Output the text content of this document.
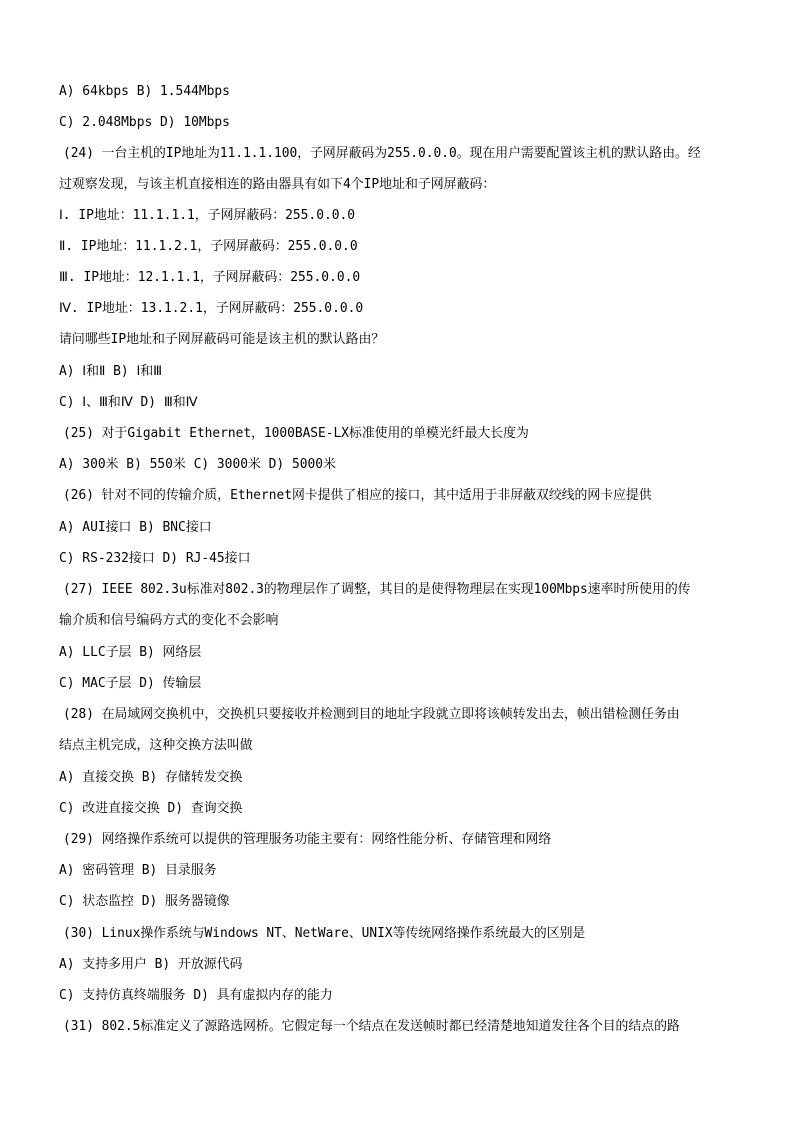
A) 64kbps B) 1.544Mbps
C) 2.048Mbps D) 10Mbps
(24) 一台主机的IP地址为11.1.1.100，子网屏蔽码为255.0.0.0。现在用户需要配置该主机的默认路由。经
过观察发现，与该主机直接相连的路由器具有如下4个IP地址和子网屏蔽码：
Ⅰ. IP地址：11.1.1.1，子网屏蔽码：255.0.0.0
Ⅱ. IP地址：11.1.2.1，子网屏蔽码：255.0.0.0
Ⅲ. IP地址：12.1.1.1，子网屏蔽码：255.0.0.0
Ⅳ. IP地址：13.1.2.1，子网屏蔽码：255.0.0.0
请问哪些IP地址和子网屏蔽码可能是该主机的默认路由？
A) Ⅰ和Ⅱ B) Ⅰ和Ⅲ
C) Ⅰ、Ⅲ和Ⅳ D) Ⅲ和Ⅳ
(25) 对于Gigabit Ethernet，1000BASE-LX标准使用的单模光纤最大长度为
A) 300米 B) 550米 C) 3000米 D) 5000米
(26) 针对不同的传输介质，Ethernet网卡提供了相应的接口，其中适用于非屏蔽双绞线的网卡应提供
A) AUI接口 B) BNC接口
C) RS-232接口 D) RJ-45接口
(27) IEEE 802.3u标准对802.3的物理层作了调整，其目的是使得物理层在实现100Mbps速率时所使用的传
输介质和信号编码方式的变化不会影响
A) LLC子层 B) 网络层
C) MAC子层 D) 传输层
(28) 在局域网交换机中，交换机只要接收并检测到目的地址字段就立即将该帧转发出去，帧出错检测任务由
结点主机完成，这种交换方法叫做
A) 直接交换 B) 存储转发交换
C) 改进直接交换 D) 查询交换
(29) 网络操作系统可以提供的管理服务功能主要有：网络性能分析、存储管理和网络
A) 密码管理 B) 目录服务
C) 状态监控 D) 服务器镜像
(30) Linux操作系统与Windows NT、NetWare、UNIX等传统网络操作系统最大的区别是
A) 支持多用户 B) 开放源代码
C) 支持仿真终端服务 D) 具有虚拟内存的能力
(31) 802.5标准定义了源路选网桥。它假定每一个结点在发送帧时都已经清楚地知道发往各个目的结点的路
